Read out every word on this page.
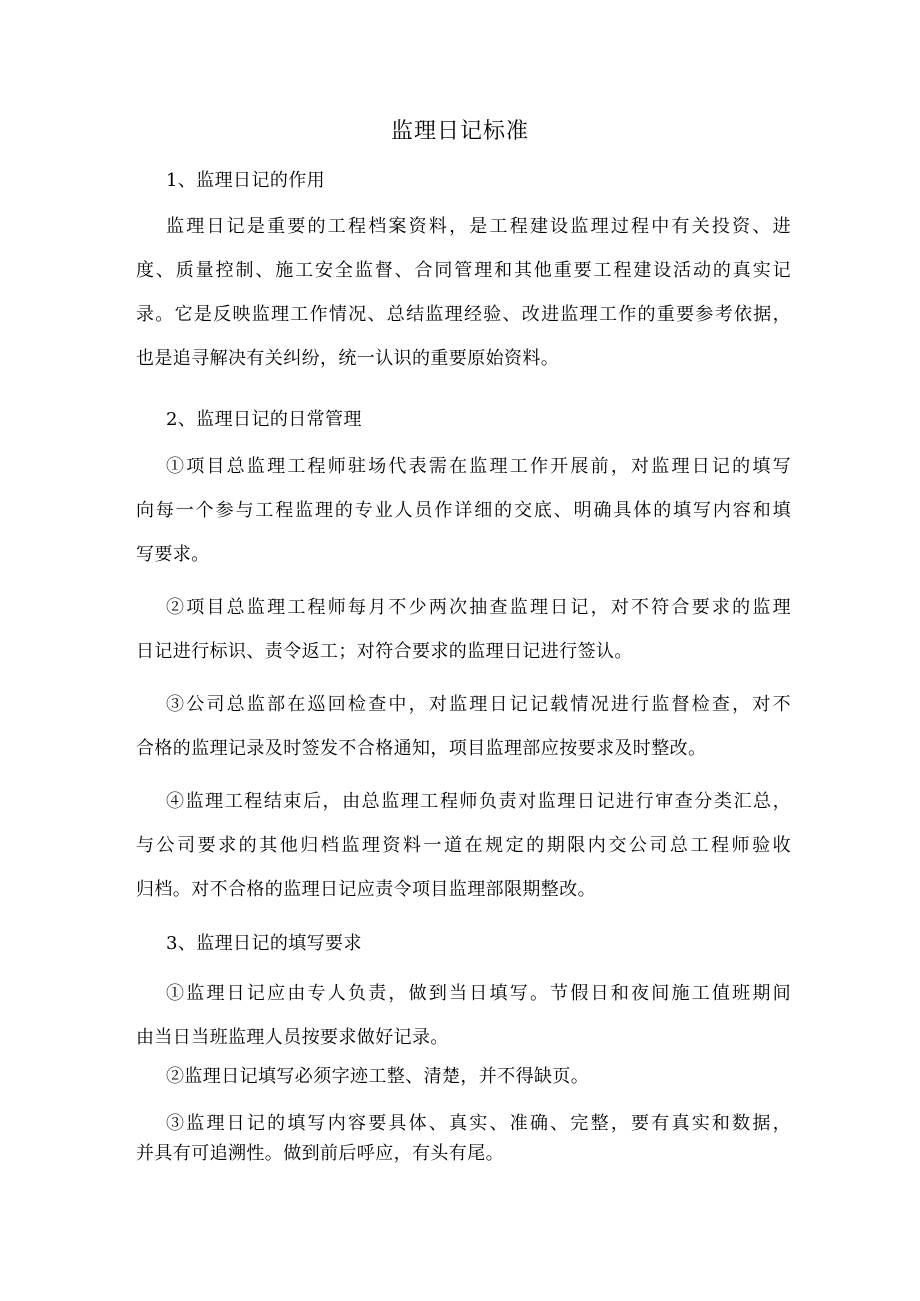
监理日记标准
1、监理日记的作用
监理日记是重要的工程档案资料，是工程建设监理过程中有关投资、进
度、质量控制、施工安全监督、合同管理和其他重要工程建设活动的真实记
录。它是反映监理工作情况、总结监理经验、改进监理工作的重要参考依据，
也是追寻解决有关纠纷，统一认识的重要原始资料。
2、监理日记的日常管理
①项目总监理工程师驻场代表需在监理工作开展前，对监理日记的填写
向每一个参与工程监理的专业人员作详细的交底、明确具体的填写内容和填
写要求。
②项目总监理工程师每月不少两次抽查监理日记，对不符合要求的监理
日记进行标识、责令返工；对符合要求的监理日记进行签认。
③公司总监部在巡回检查中，对监理日记记载情况进行监督检查，对不
合格的监理记录及时签发不合格通知，项目监理部应按要求及时整改。
④监理工程结束后，由总监理工程师负责对监理日记进行审查分类汇总，
与公司要求的其他归档监理资料一道在规定的期限内交公司总工程师验收
归档。对不合格的监理日记应责令项目监理部限期整改。
3、监理日记的填写要求
①监理日记应由专人负责，做到当日填写。节假日和夜间施工值班期间
由当日当班监理人员按要求做好记录。
②监理日记填写必须字迹工整、清楚，并不得缺页。
③监理日记的填写内容要具体、真实、准确、完整，要有真实和数据，
并具有可追溯性。做到前后呼应，有头有尾。
